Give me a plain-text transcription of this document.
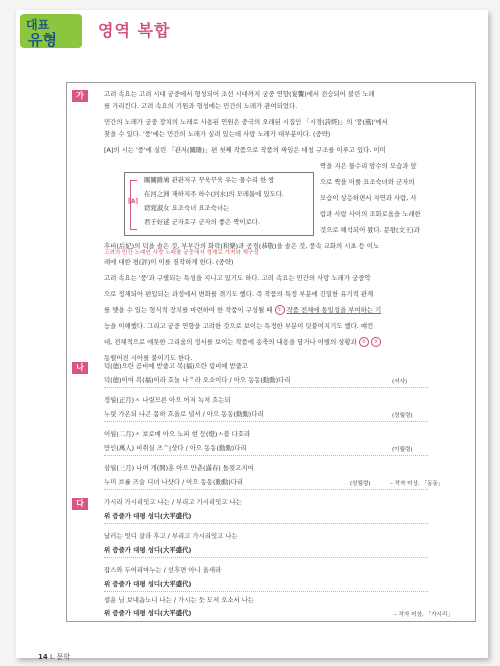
대표
유형	영역 복합
가	고려 속요는 고려 시대 궁중에서 형성되어 조선 시대까지 궁중 연향(宴饗)에서 전승되어 불린 노래
를 가리킨다. 고려 속요의 기원과 형성에는 민간의 노래가 관여되었다.
민간의 노래가 궁중 장치의 노래로 사용된 연원은 중국의 오래된 시집인 「시경(詩經)」의 '풍(風)'에서
찾을 수 있다. '풍'에는 민간의 노래가 실려 있는데 사랑 노래가 대부분이다. (중략)
[A]의 시는 '풍'에 실린 「관저(關雎)」편 첫째 작품으로 작품의 짜임은 대칭 구조를 이루고 있다. 이미
[A]
關關雎鳩 관관저구 꾸욱꾸욱 우는 물수리 한 쌍
在河之洲 재하지주 하수(河水)의 모래톱에 있도다.
窈窕淑女 요조숙녀 요조숙녀는
君子好逑 군자호구 군자의 좋은 짝이로다.
짝을 지은 물수리 암수의 모습과 앞
으로 짝을 이룰 요조숙녀와 군자의
모습이 상응하면서 자연과 사람, 사
람과 사람 사이의 조화로움을 노래한
것으로 해석되어 왔다. 문왕(文王)과
후비(后妃)의 덕을 솔은 것, 부부간의 화락(和樂)과 공경(恭敬)을 솔은 것, 풍속 교화의 시초 등 이노
고려의 민간 노래인 사랑 노래를 궁중에서 정재로 가져와 재구성
래에 대한 평(評)이 이를 짐작하게 한다. (중략)
고려 속요는 '풍'과 구별되는 특성을 지니고 있기도 하다. 고려 속요는 민간의 사랑 노래가 궁중악
으로 정재되어 편입되는 과정에서 변화를 겪기도 했다. 즉 작품의 특정 부분에 긴밀한 유기적 관계
를 맺을 수 있는 형식적 장치를 마련하여 한 작품이 구성될 때 ① 작품 전체에 통일성을 부여하는 기
능을 이해했다. 그리고 궁중 연향을 고려한 것으로 보이는 특정한 부분이 덧붙여지기도 했다. 예컨
대, 전체적으로 애틋한 그리움의 정서를 보이는 작품에 송축의 내용을 담거나 이별의 상황과 ② ③
동떨어진 시어를 붙이기도 한다.
나	덕(德)으란 곰비예 받줍고 복(福)으란 림비예 받줍고
덕(德)이여 복(福)이라 호놀 나ᄋ라 오소이다 / 아으 동동(動動)다리	(서사)
정월(正月)ㅅ 나릿므른 아으 어저 녹져 흐는되
누릿 가온되 나곤 몸하 흐올로 녈셔 / 아으 동동(動動)다리	(정월령)
이월(二月)ㅅ 보로매 아으 노피 현 등(燈)ㅅ블 다호라
만인(萬人) 비취실 즈ᄉ|샷다 / 아으 동동(動動)다리	(이월령)
삼월(三月) 나며 개(開)훈 아으 만춘(滿春) 돌욋고지여
누미 브롤 즈슬 디녀 나샷다 / 아으 동동(動動)다리	(삼월령)	– 작자 미상, 「동동」
다	가시리 가시리잇고 나는 / 부리고 가시리잇고 나는
위 증즐가 대평 성디(大平盛代)
날러는 엇디 살라 후고 / 부리고 가시리잇고 나는
위 증즐가 대평 성디(大平盛代)
잡스와 두어리마누는 / 선후면 아니 올세라
위 증즐가 대평 성디(大平盛代)
셜운 님 보내옵노니 나는 / 가시는 둣 도셔 오소서 나는
위 증즐가 대평 성디(大平盛代)	– 작자 미상, 「가시리」
14 Ⅰ. 문학
